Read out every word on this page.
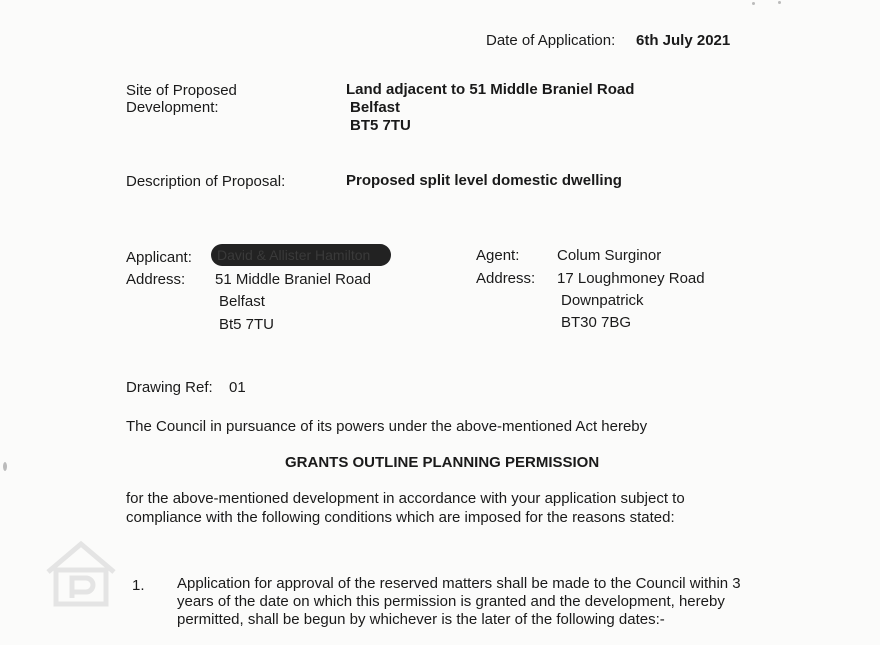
Date of Application: 6th July 2021
Site of Proposed
Development:
Land adjacent to 51 Middle Braniel Road
Belfast
BT5 7TU
Description of Proposal:	Proposed split level domestic dwelling
Applicant:	David & Allister Hamilton
Address: 51 Middle Braniel Road
Belfast
Bt5 7TU
Agent:	Colum Surginor
Address: 17 Loughmoney Road
Downpatrick
BT30 7BG
Drawing Ref: 01
The Council in pursuance of its powers under the above-mentioned Act hereby
GRANTS OUTLINE PLANNING PERMISSION
for the above-mentioned development in accordance with your application subject to
compliance with the following conditions which are imposed for the reasons stated:
1. Application for approval of the reserved matters shall be made to the Council within 3
years of the date on which this permission is granted and the development, hereby
permitted, shall be begun by whichever is the later of the following dates:-
